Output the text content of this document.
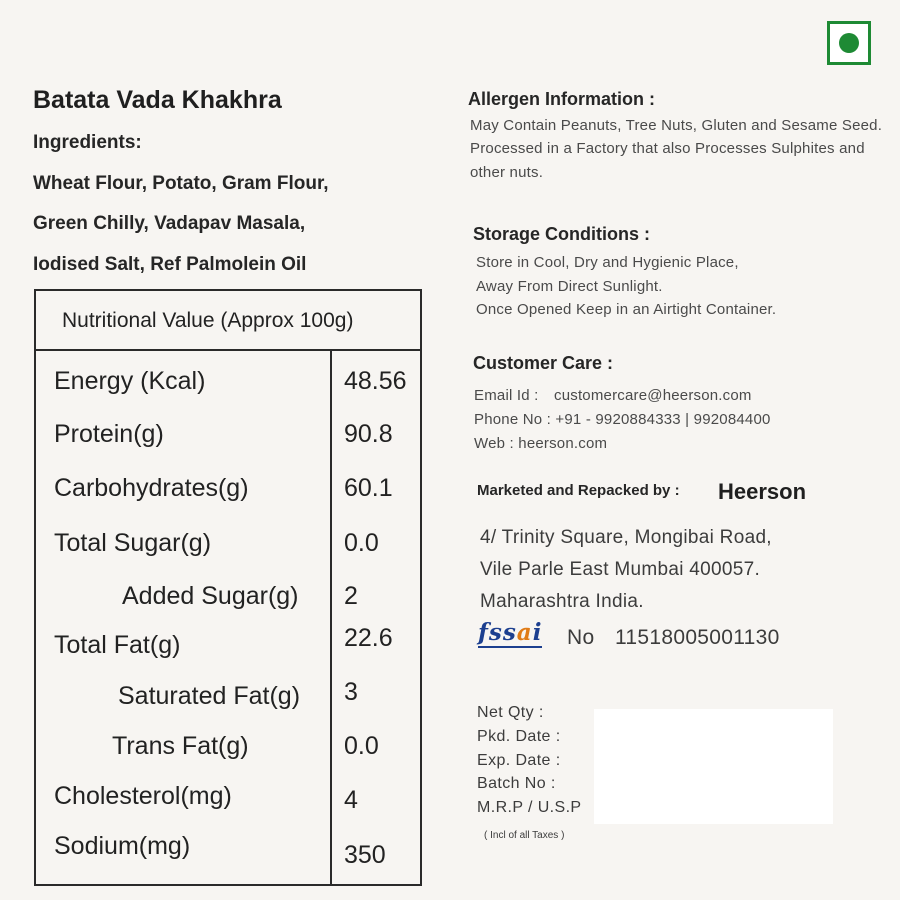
Batata Vada Khakhra
Ingredients:
Wheat Flour, Potato, Gram Flour,
Green Chilly, Vadapav Masala,
Iodised Salt, Ref Palmolein Oil
Nutritional Value (Approx 100g)
Energy (Kcal)	48.56
Protein(g)	90.8
Carbohydrates(g)	60.1
Total Sugar(g)	0.0
Added Sugar(g) 2
Total Fat(g)	22.6
Saturated Fat(g) 3
Trans Fat(g)	0.0
Cholesterol(mg)	4
Sodium(mg)	350
Allergen Information :
May Contain Peanuts, Tree Nuts, Gluten and Sesame Seed.
Processed in a Factory that also Processes Sulphites and
other nuts.
Storage Conditions :
Store in Cool, Dry and Hygienic Place,
Away From Direct Sunlight.
Once Opened Keep in an Airtight Container.
Customer Care :
Email Id : customercare@heerson.com
Phone No : +91 - 9920884333 | 992084400
Web : heerson.com
Marketed and Repacked by : Heerson
4/ Trinity Square, Mongibai Road,
Vile Parle East Mumbai 400057.
Maharashtra India.
fssai No 11518005001130
Net Qty :
Pkd. Date :
Exp. Date :
Batch No :
M.R.P / U.S.P
( Incl of all Taxes )
